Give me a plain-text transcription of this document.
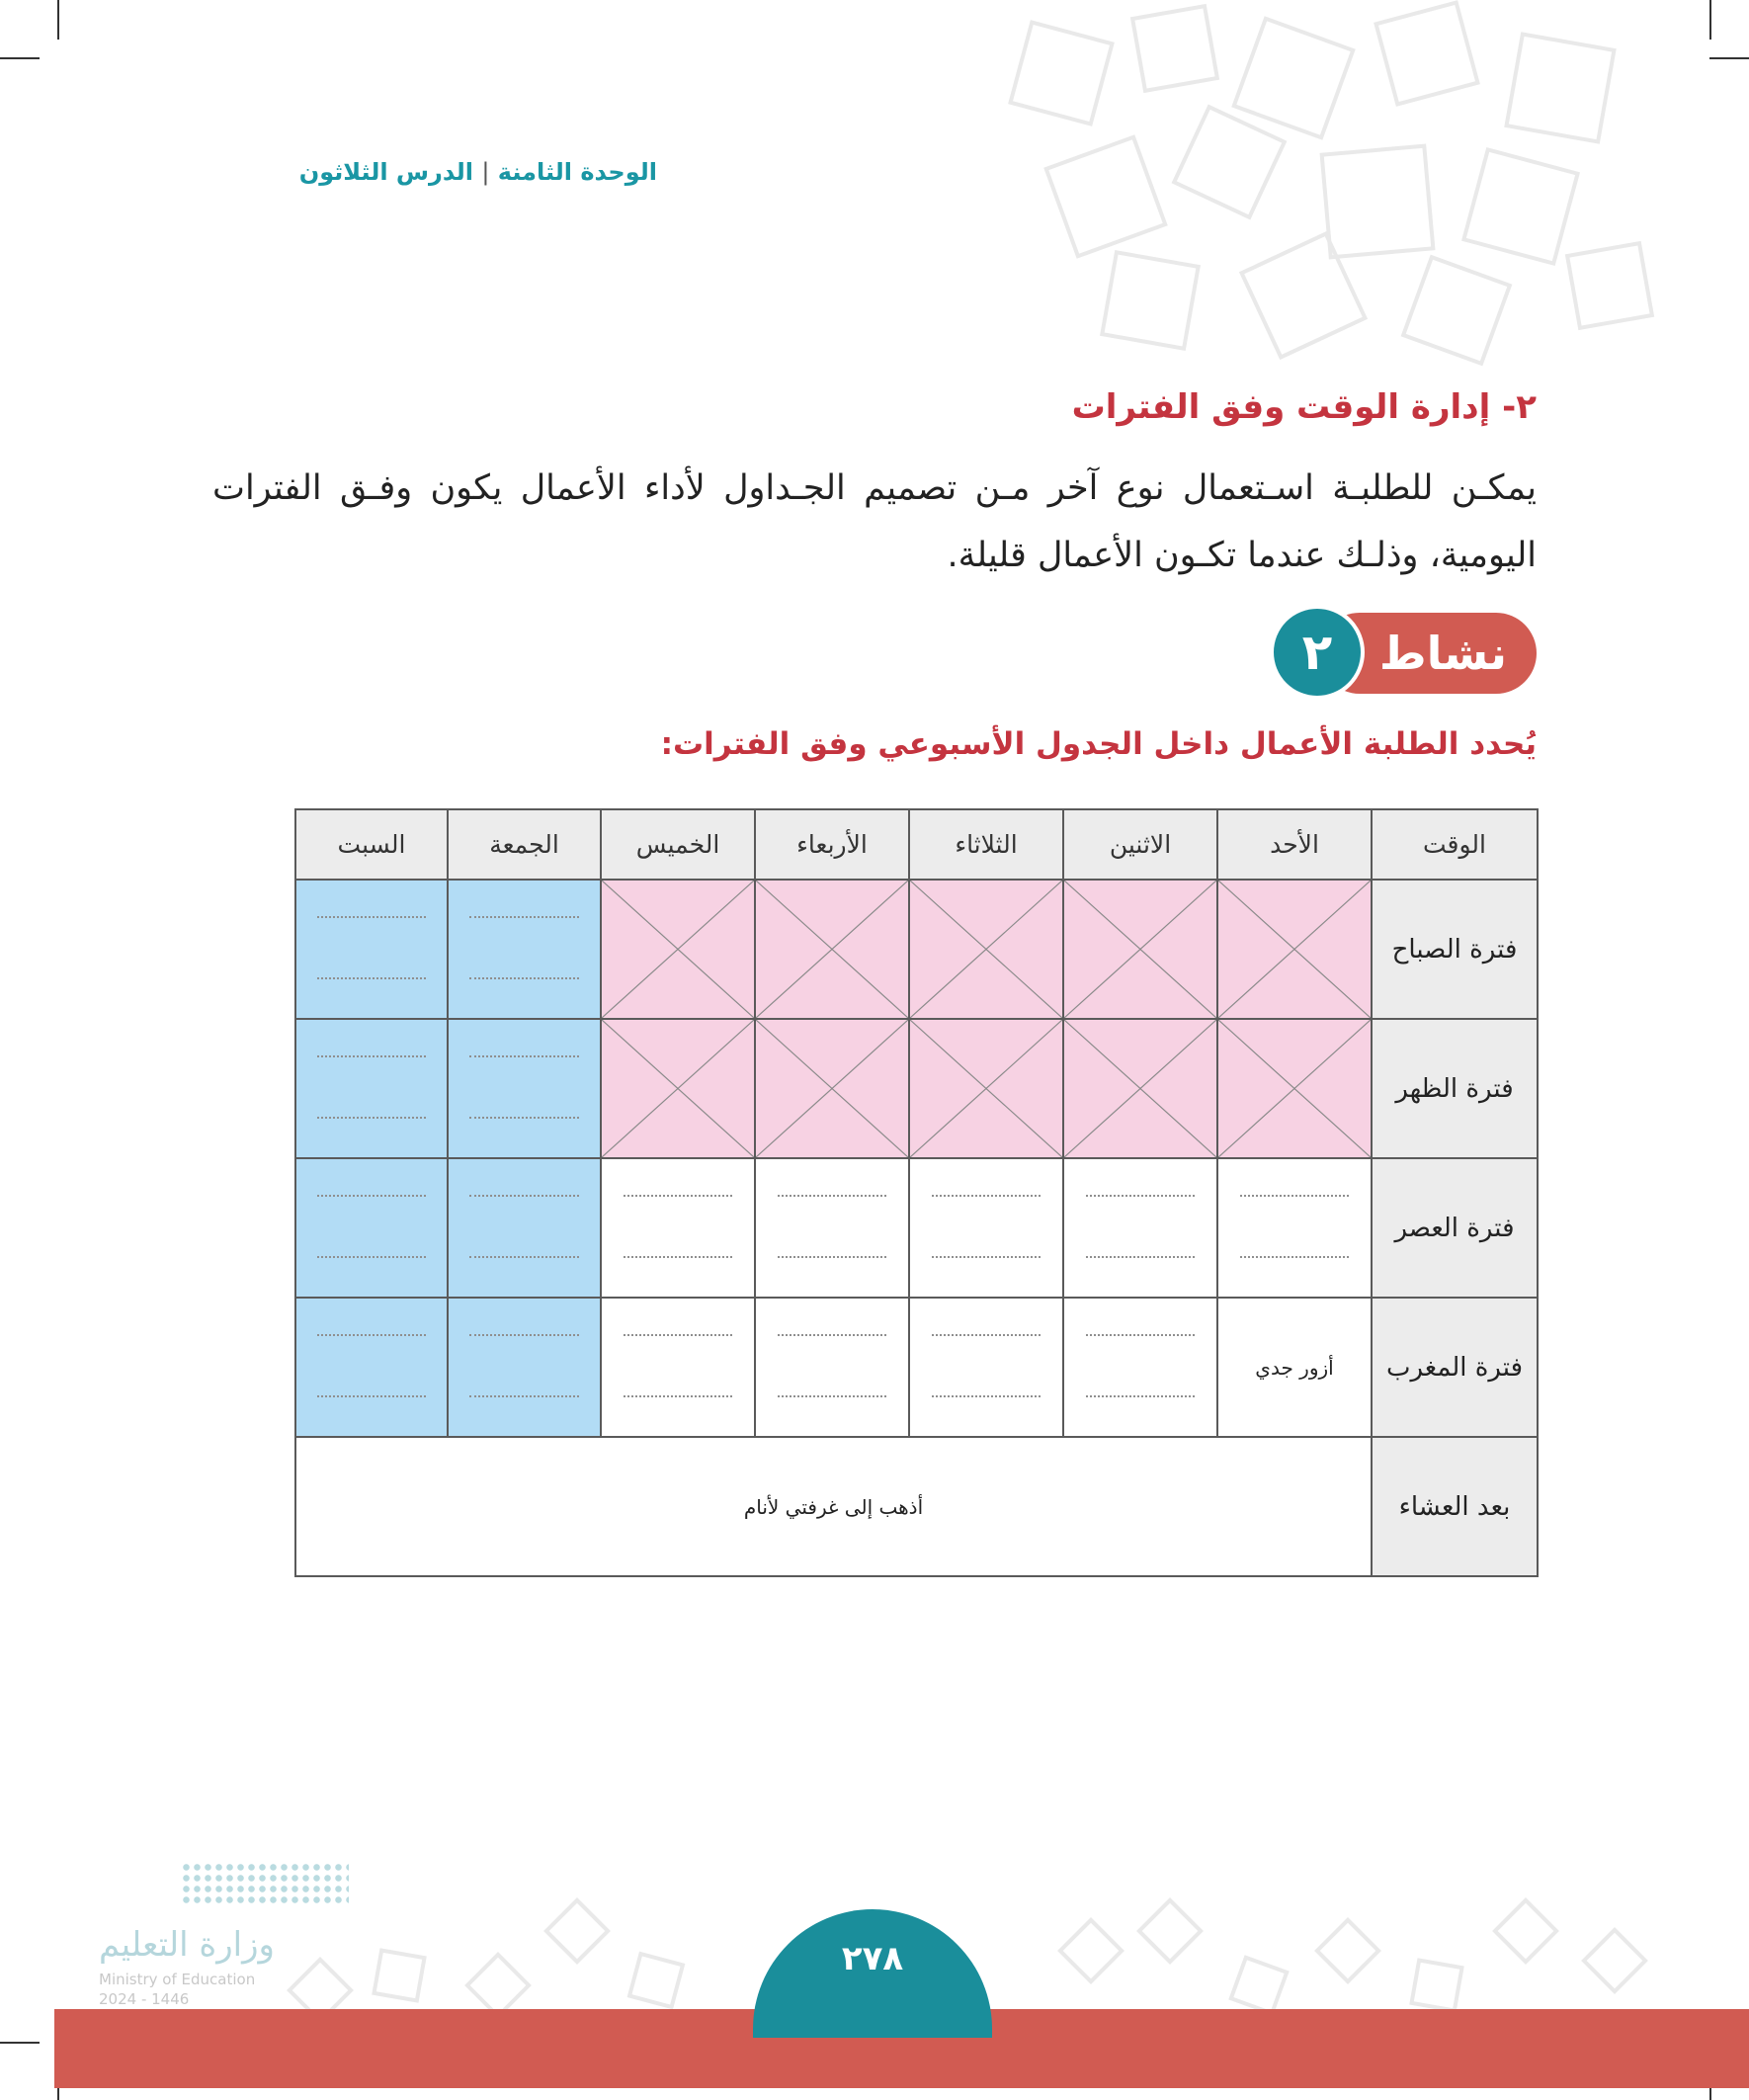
الوحدة الثامنة | الدرس الثلاثون
٢- إدارة الوقت وفق الفترات
يمكـن للطلبـة اسـتعمال نوع آخر مـن تصميم الجـداول لأداء الأعمال يكون وفـق الفترات اليومية، وذلـك عندما تكـون الأعمال قليلة.
نشاط
٢
يُحدد الطلبة الأعمال داخل الجدول الأسبوعي وفق الفترات:
الوقت	الأحد	الاثنين	الثلاثاء	الأربعاء	الخميس	الجمعة	السبت
فترة الصباح	

فترة الظهر	

فترة العصر	

فترة المغرب	أزور جدي	

بعد العشاء	أذهب إلى غرفتي لأنام						
وزارة التعليم
Ministry of Education
2024 - 1446
٢٧٨
